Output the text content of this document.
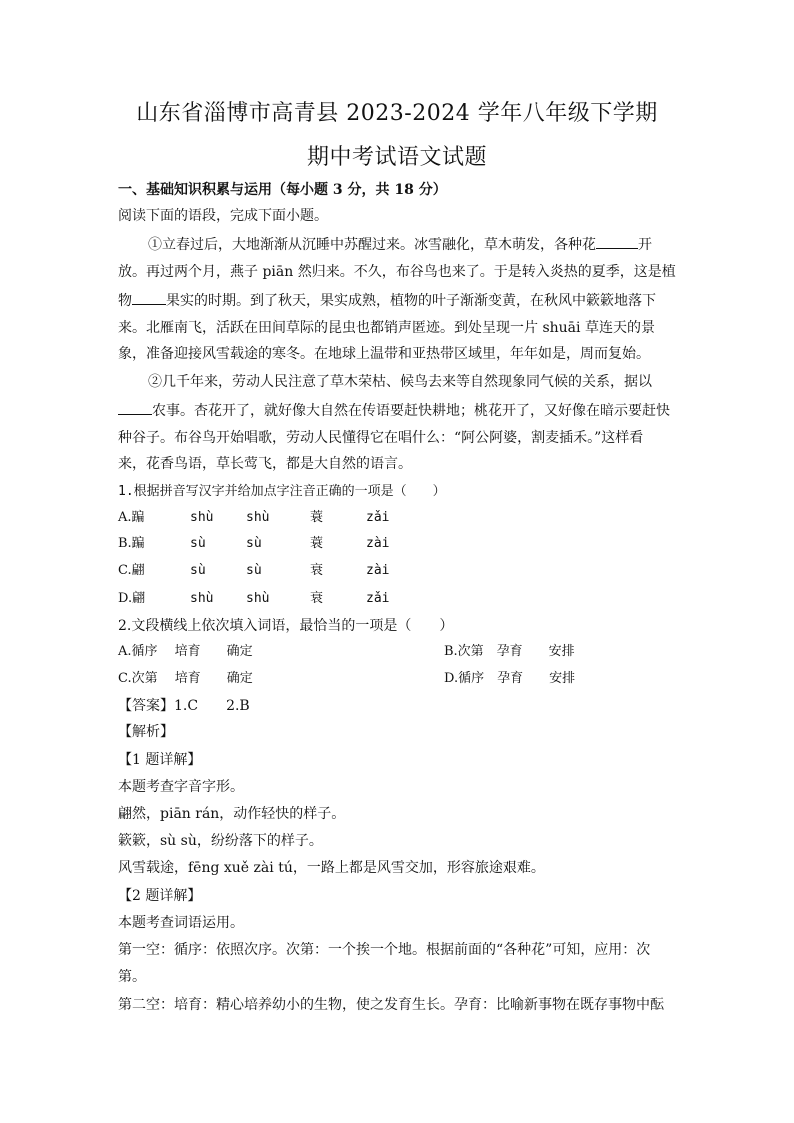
山东省淄博市高青县 2023-2024 学年八年级下学期
期中考试语文试题
一、基础知识积累与运用（每小题 3 分，共 18 分）
阅读下面的语段，完成下面小题。
①立春过后，大地渐渐从沉睡中苏醒过来。冰雪融化，草木萌发，各种花	开
放。再过两个月，燕子 piān 然归来。不久，布谷鸟也来了。于是转入炎热的夏季，这是植
物 果实的时期。到了秋天，果实成熟，植物的叶子渐渐变黄，在秋风中簌簌地落下
来。北雁南飞，活跃在田间草际的昆虫也都销声匿迹。到处呈现一片 shuāi 草连天的景
象，准备迎接风雪载途的寒冬。在地球上温带和亚热带区域里，年年如是，周而复始。
②几千年来，劳动人民注意了草木荣枯、候鸟去来等自然现象同气候的关系，据以
农事。杏花开了，就好像大自然在传语要赶快耕地；桃花开了，又好像在暗示要赶快
种谷子。布谷鸟开始唱歌，劳动人民懂得它在唱什么：“阿公阿婆，割麦插禾。”这样看
来，花香鸟语，草长莺飞，都是大自然的语言。
1.根据拼音写汉字并给加点字注音正确的一项是（　　）
A.蹁	shù	shù	蓑	zǎi
B.蹁	sù	sù	蓑	zài
C.翩	sù	sù	衰	zài
D.翩	shù	shù	衰	zǎi
2.文段横线上依次填入词语，最恰当的一项是（　　）
A.循序　 培育　　确定	B.次第　孕育　　安排
C.次第　 培育　　确定	D.循序　孕育　　安排
【答案】1.C　　2.B
【解析】
【1 题详解】
本题考查字音字形。
翩然，piān rán，动作轻快的样子。
簌簌，sù sù，纷纷落下的样子。
风雪载途，fēng xuě zài tú，一路上都是风雪交加，形容旅途艰难。
【2 题详解】
本题考查词语运用。
第一空：循序：依照次序。次第：一个挨一个地。根据前面的“各种花”可知，应用：次
第。
第二空：培育：精心培养幼小的生物，使之发育生长。孕育：比喻新事物在既存事物中酝
